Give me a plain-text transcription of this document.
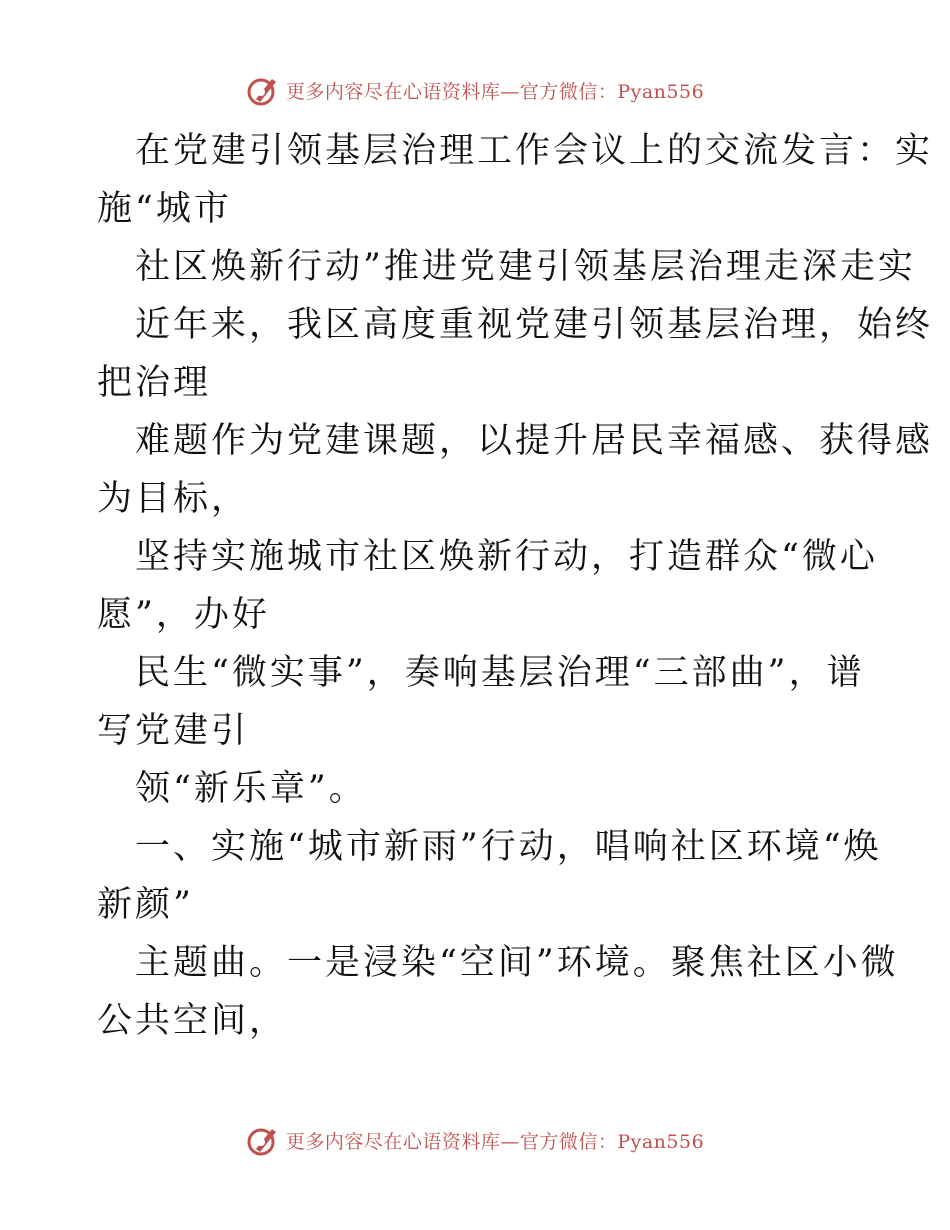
更多内容尽在心语资料库—官方微信：Pyan556
在党建引领基层治理工作会议上的交流发言：实
施“城市
社区焕新行动”推进党建引领基层治理走深走实
近年来，我区高度重视党建引领基层治理，始终
把治理
难题作为党建课题，以提升居民幸福感、获得感
为目标，
坚持实施城市社区焕新行动，打造群众“微心
愿”，办好
民生“微实事”，奏响基层治理“三部曲”，谱
写党建引
领“新乐章”。
一、实施“城市新雨”行动，唱响社区环境“焕
新颜”
主题曲。一是浸染“空间”环境。聚焦社区小微
公共空间，
更多内容尽在心语资料库—官方微信：Pyan556
